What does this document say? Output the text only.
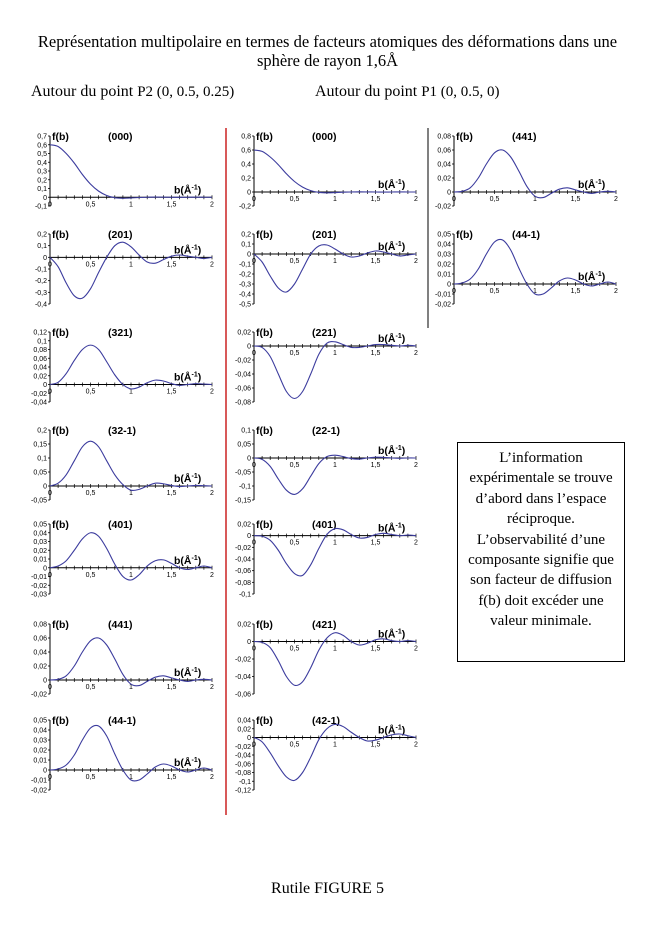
Représentation multipolaire en termes de facteurs atomiques des déformations dans une sphère de rayon 1,6Å
Autour du point P2 (0, 0.5, 0.25)	Autour du point P1 (0, 0.5, 0)
0,7
0,6
0,5
0,4
0,3
0,2
0,1
0
-0,1 0	0,5	1	1,5	2
f(b)	(000)
$b(Å^{-1})$
0,2
0,1
0
-0,1
-0,2
-0,3
-0,4
0	0,5	1	1,5	2
f(b)	(201)
$b(Å^{-1})$
0,12
0,1
0,08
0,06
0,04
0,02
0
-0,02
-0,04
0	0,5	1	1,5	2
f(b)	(321)
$b(Å^{-1})$
0,2
0,15
0,1
0,05
0
-0,05
0	0,5	1	1,5	2
f(b)	(32-1)
$b(Å^{-1})$
0,05
0,04
0,03
0,02
0,01
0
-0,01
-0,02
-0,03
0	0,5	1	1,5	2
f(b)	(401)
$b(Å^{-1})$
0,08
0,06
0,04
0,02
0
-0,02
0	0,5	1	1,5	2
f(b)	(441)
$b(Å^{-1})$
0,05
0,04
0,03
0,02
0,01
0
-0,01
-0,02
0	0,5	1	1,5	2
f(b)	(44-1)
$b(Å^{-1})$
0,8
0,6
0,4
0,2
0
-0,2
0	0,5	1	1,5	2
f(b)	(000)
$b(Å^{-1})$
0,2
0,1
0
-0,1
-0,2
-0,3
-0,4
-0,5
0	0,5	1	1,5	2
f(b)	(201)
$b(Å^{-1})$
0,02
0
-0,02
-0,04
-0,06
-0,08
0	0,5	1	1,5	2
f(b)	(221)	$b(Å^{-1})$
0,1
0,05
0
-0,05
-0,1
-0,15
0	0,5	1	1,5	2
f(b)	(22-1)
$b(Å^{-1})$
0,02
0
-0,02
-0,04
-0,06
-0,08
-0,1
0	0,5	1	1,5	2
f(b)	(401)	$b(Å^{-1})$
0,02
0
-0,02
-0,04
-0,06
0	0,5	1	1,5	2
f(b)	(421)
$b(Å^{-1})$
0,04
0,02
0
-0,02
-0,04
-0,06
-0,08
-0,1
-0,12
0	0,5	1	1,5	2
f(b)	(42-1)
$b(Å^{-1})$
0,08
0,06
0,04
0,02
0
-0,02
0	0,5	1	1,5	2
f(b)	(441)
$b(Å^{-1})$
0,05
0,04
0,03
0,02
0,01
0
-0,01
-0,02
0	0,5	1	1,5	2
f(b)	(44-1)
$b(Å^{-1})$
L’information expérimentale se trouve d’abord dans l’espace réciproque. L’observabilité d’une composante signifie que son facteur de diffusion f(b) doit excéder une valeur minimale.
Rutile FIGURE 5
